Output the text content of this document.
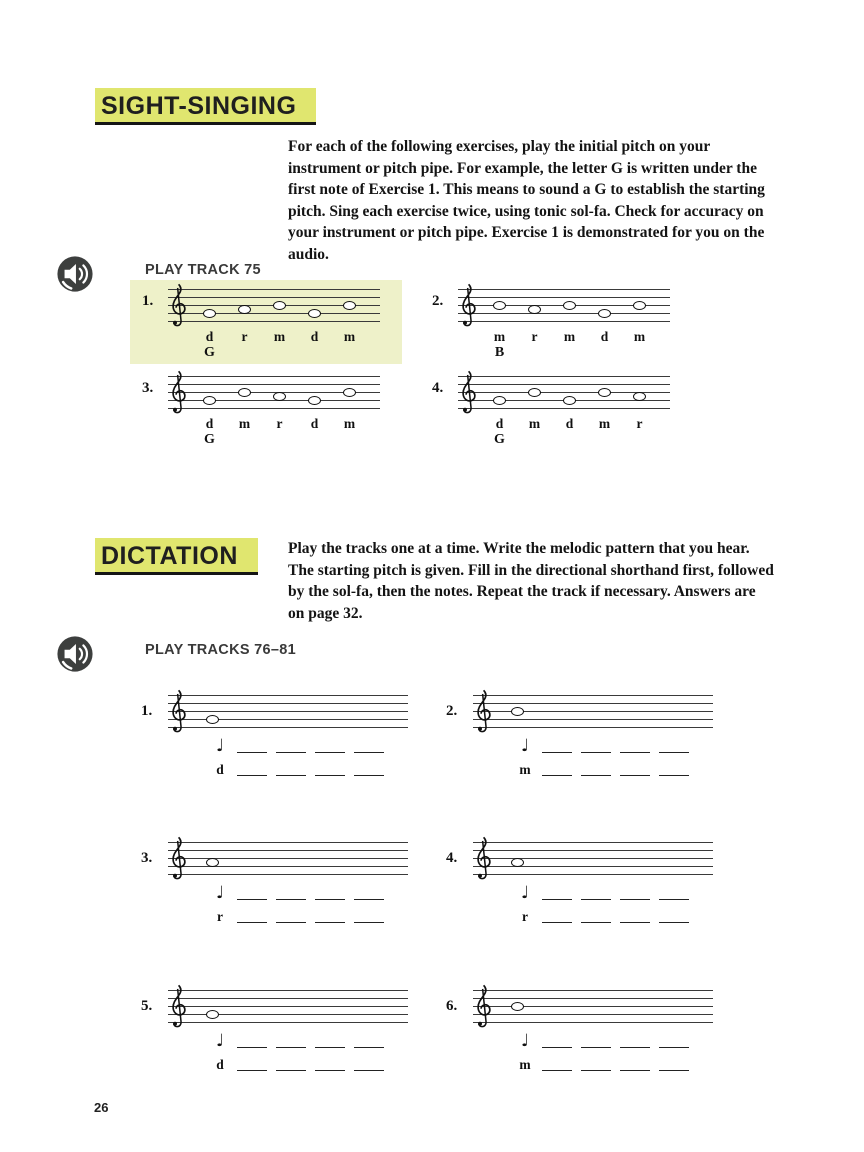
SIGHT-SINGING

For each of the following exercises, play the initial pitch on your instrument or pitch pipe. For example, the letter G is written under the first note of Exercise 1. This means to sound a G to establish the starting pitch. Sing each exercise twice, using tonic sol-fa. Check for accuracy on your instrument or pitch pipe. Exercise 1 is demonstrated for you on the audio.

PLAY TRACK 75
1.
d	r	m d m
G
2.
m	r	m d m
B
3.
d m	r	d m
G
4.
d m d m	r
G
DICTATION	Play the tracks one at a time. Write the melodic pattern that you hear. The starting pitch is given. Fill in the directional shorthand first, followed by the sol-fa, then the notes. Repeat the track if necessary. Answers are on page 32.

PLAY TRACKS 76–81
1.
♩
d
2.
♩
m
3.
♩
r
4.
♩
r
5.
♩
d
6.
♩
m
26
